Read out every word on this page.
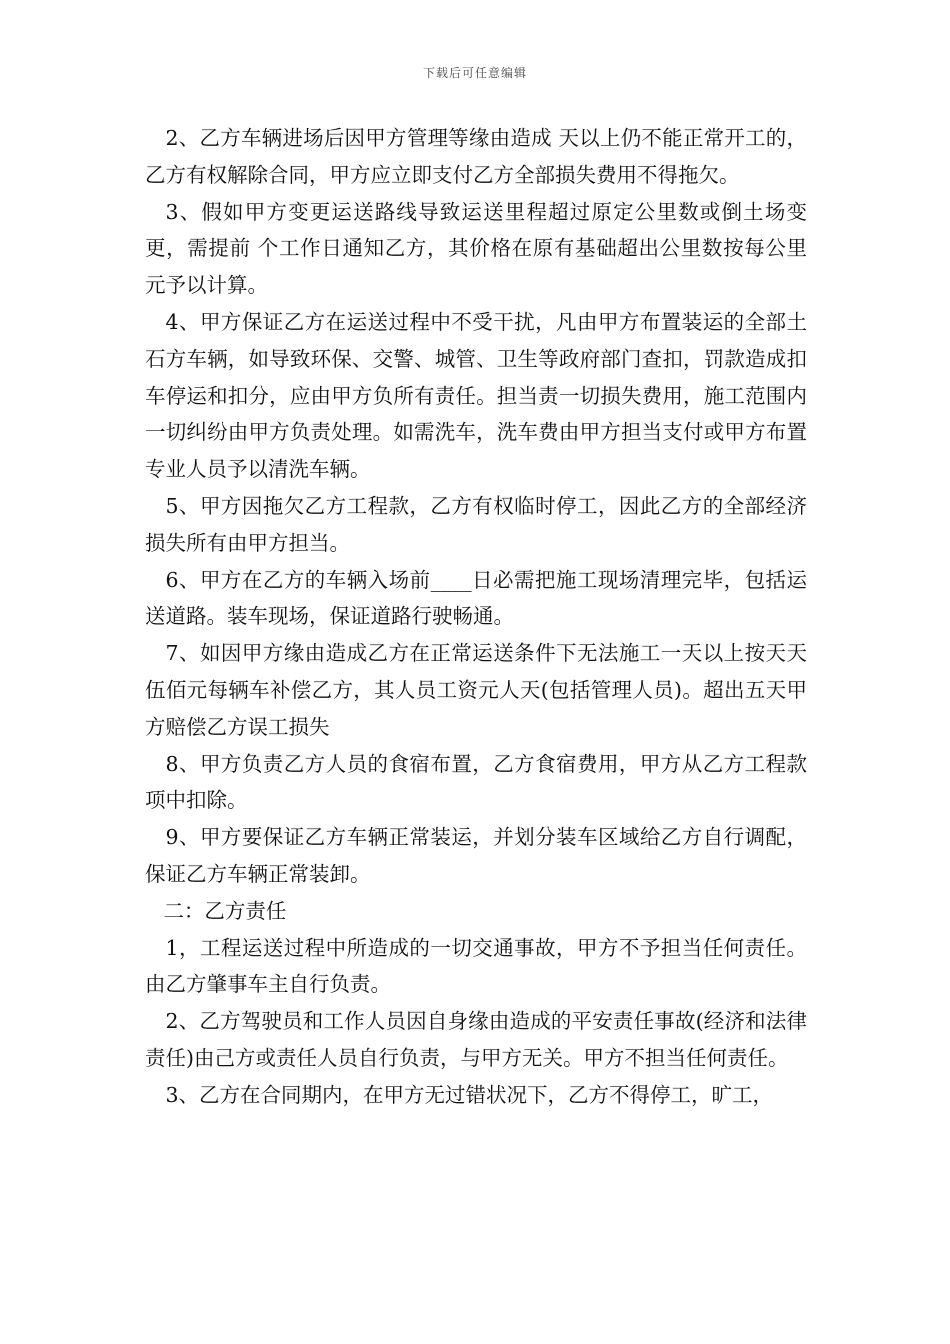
下载后可任意编辑

2、乙方车辆进场后因甲方管理等缘由造成 天以上仍不能正常开工的，乙方有权解除合同，甲方应立即支付乙方全部损失费用不得拖欠。

3、假如甲方变更运送路线导致运送里程超过原定公里数或倒土场变更，需提前 个工作日通知乙方，其价格在原有基础超出公里数按每公里 元予以计算。

4、甲方保证乙方在运送过程中不受干扰，凡由甲方布置装运的全部土石方车辆，如导致环保、交警、城管、卫生等政府部门查扣，罚款造成扣车停运和扣分，应由甲方负所有责任。担当责一切损失费用，施工范围内一切纠纷由甲方负责处理。如需洗车，洗车费由甲方担当支付或甲方布置专业人员予以清洗车辆。

5、甲方因拖欠乙方工程款，乙方有权临时停工，因此乙方的全部经济损失所有由甲方担当。

6、甲方在乙方的车辆入场前____日必需把施工现场清理完毕，包括运送道路。装车现场，保证道路行驶畅通。

7、如因甲方缘由造成乙方在正常运送条件下无法施工一天以上按天天伍佰元每辆车补偿乙方，其人员工资元人天(包括管理人员)。超出五天甲方赔偿乙方误工损失

8、甲方负责乙方人员的食宿布置，乙方食宿费用，甲方从乙方工程款项中扣除。

9、甲方要保证乙方车辆正常装运，并划分装车区域给乙方自行调配，保证乙方车辆正常装卸。

二：乙方责任

1，工程运送过程中所造成的一切交通事故，甲方不予担当任何责任。由乙方肇事车主自行负责。

2、乙方驾驶员和工作人员因自身缘由造成的平安责任事故(经济和法律责任)由己方或责任人员自行负责，与甲方无关。甲方不担当任何责任。

3、乙方在合同期内，在甲方无过错状况下，乙方不得停工，旷工，
